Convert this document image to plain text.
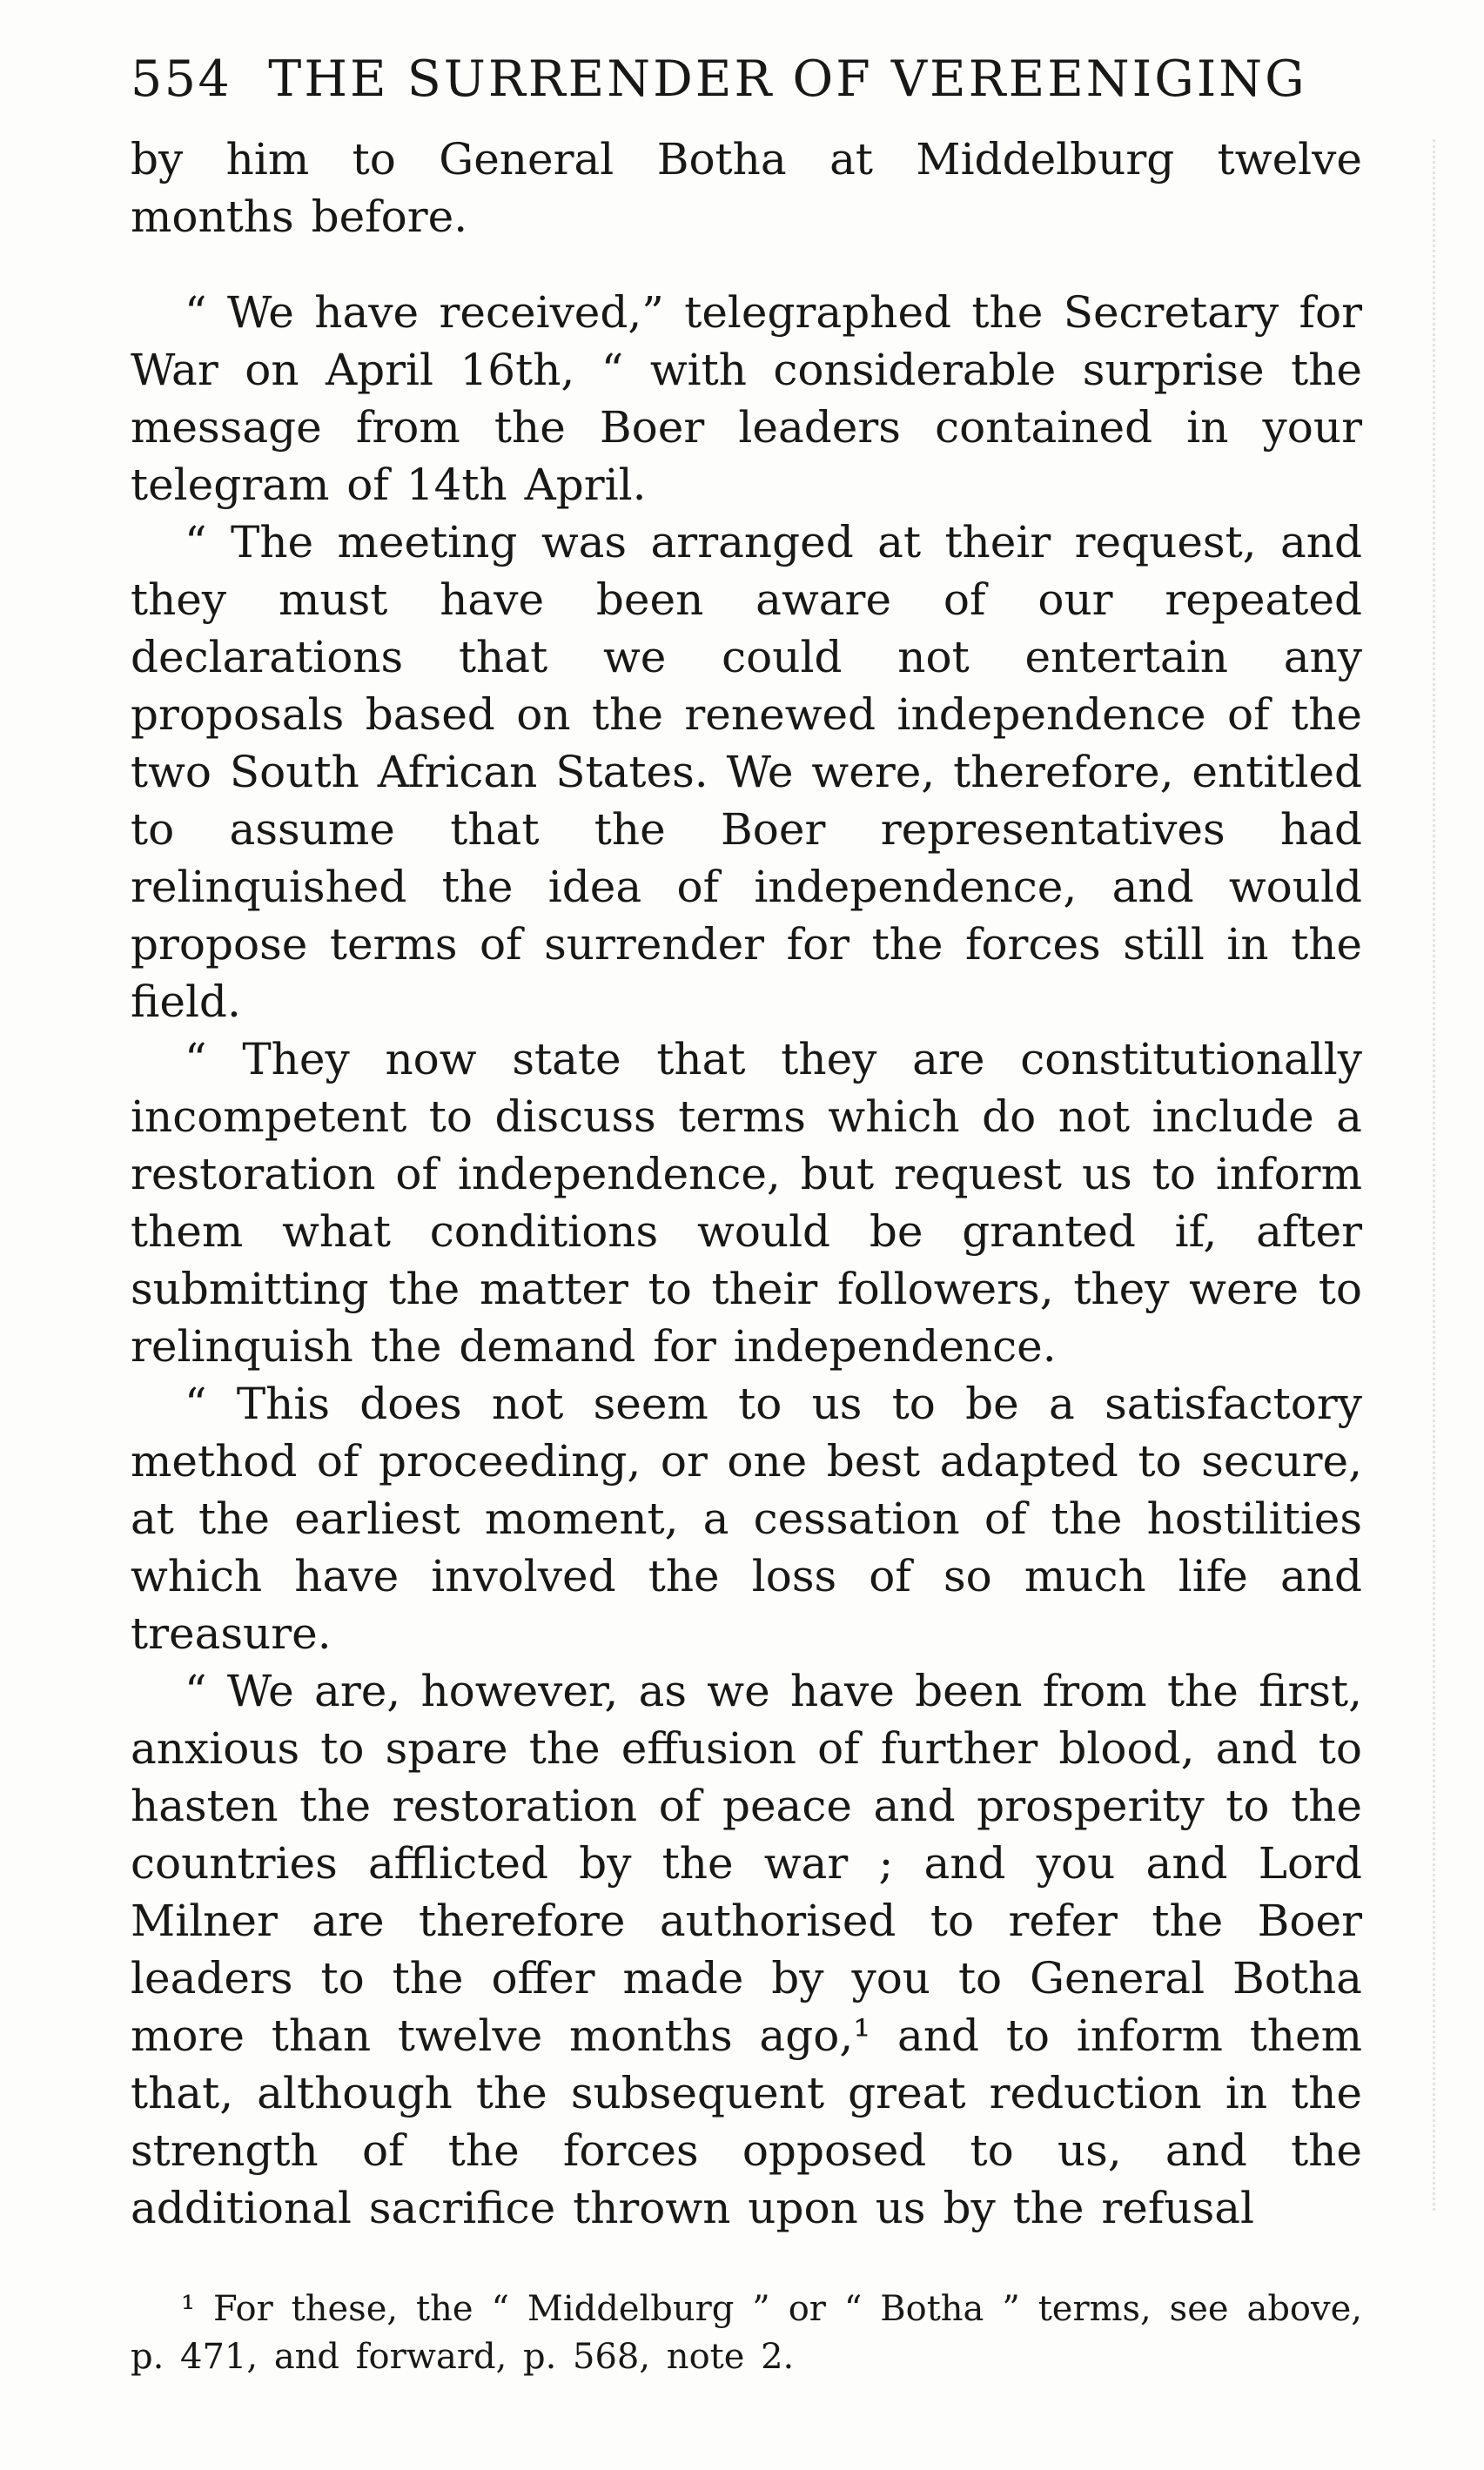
554 THE SURRENDER OF VEREENIGING

by him to General Botha at Middelburg twelve months before.

“ We have received,” telegraphed the Secretary for War on April 16th, “ with considerable surprise the message from the Boer leaders contained in your telegram of 14th April.

“ The meeting was arranged at their request, and they must have been aware of our repeated declarations that we could not entertain any proposals based on the renewed independence of the two South African States. We were, therefore, entitled to assume that the Boer representatives had relinquished the idea of independence, and would propose terms of surrender for the forces still in the field.

“ They now state that they are constitutionally incompetent to discuss terms which do not include a restoration of independence, but request us to inform them what conditions would be granted if, after submitting the matter to their followers, they were to relinquish the demand for independence.

“ This does not seem to us to be a satisfactory method of proceeding, or one best adapted to secure, at the earliest moment, a cessation of the hostilities which have involved the loss of so much life and treasure.

“ We are, however, as we have been from the first, anxious to spare the effusion of further blood, and to hasten the restoration of peace and prosperity to the countries afflicted by the war ; and you and Lord Milner are therefore authorised to refer the Boer leaders to the offer made by you to General Botha more than twelve months ago,¹ and to inform them that, although the subsequent great reduction in the strength of the forces opposed to us, and the additional sacrifice thrown upon us by the refusal

¹ For these, the “ Middelburg ” or “ Botha ” terms, see above, p. 471, and forward, p. 568, note 2.
